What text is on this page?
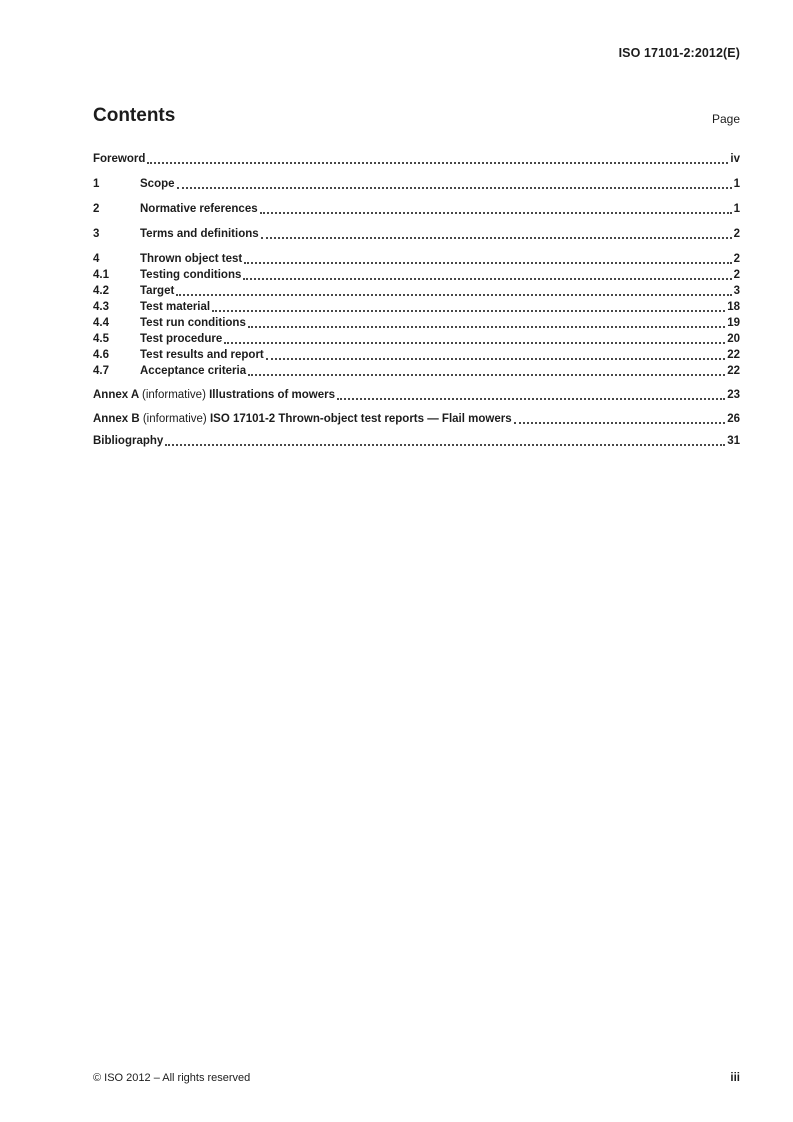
ISO 17101-2:2012(E)
Contents	Page
Foreword	iv
1	Scope	1
2	Normative references	1
3	Terms and definitions	2
4	Thrown object test	2
4.1	Testing conditions	2
4.2	Target	3
4.3	Test material	18
4.4	Test run conditions	19
4.5	Test procedure	20
4.6	Test results and report	22
4.7	Acceptance criteria	22
Annex A (informative) Illustrations of mowers	23
Annex B (informative) ISO 17101-2 Thrown-object test reports — Flail mowers	26
Bibliography	31
© ISO 2012 – All rights reserved	iii
